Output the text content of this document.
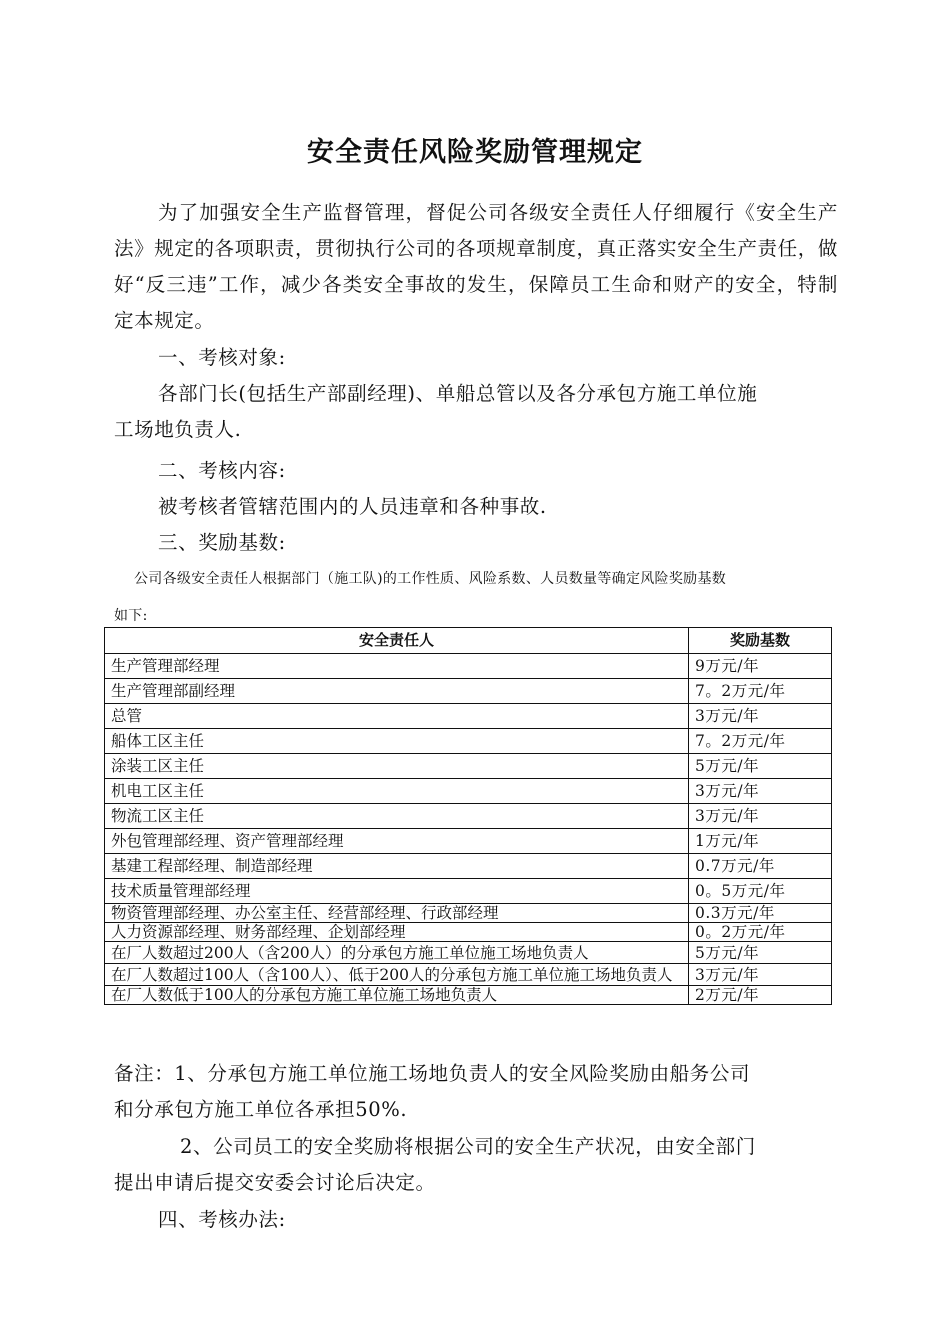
安全责任风险奖励管理规定
为了加强安全生产监督管理，督促公司各级安全责任人仔细履行《安全生产法》规定的各项职责，贯彻执行公司的各项规章制度，真正落实安全生产责任，做好“反三违”工作，减少各类安全事故的发生，保障员工生命和财产的安全，特制定本规定。
一、考核对象:
各部门长(包括生产部副经理)、单船总管以及各分承包方施工单位施
工场地负责人.
二、考核内容:
被考核者管辖范围内的人员违章和各种事故.
三、奖励基数:
公司各级安全责任人根据部门（施工队)的工作性质、风险系数、人员数量等确定风险奖励基数
如下:
安全责任人	奖励基数
生产管理部经理	9万元/年
生产管理部副经理	7。2万元/年
总管	3万元/年
船体工区主任	7。2万元/年
涂装工区主任	5万元/年
机电工区主任	3万元/年
物流工区主任	3万元/年
外包管理部经理、资产管理部经理	1万元/年
基建工程部经理、制造部经理	0.7万元/年
技术质量管理部经理	0。5万元/年
物资管理部经理、办公室主任、经营部经理、行政部经理	0.3万元/年
人力资源部经理、财务部经理、企划部经理	0。2万元/年
在厂人数超过200人（含200人）的分承包方施工单位施工场地负责人	5万元/年
在厂人数超过100人（含100人）、低于200人的分承包方施工单位施工场地负责人	3万元/年
在厂人数低于100人的分承包方施工单位施工场地负责人	2万元/年
备注：1、分承包方施工单位施工场地负责人的安全风险奖励由船务公司
和分承包方施工单位各承担50%.
2、公司员工的安全奖励将根据公司的安全生产状况，由安全部门
提出申请后提交安委会讨论后决定。
四、考核办法:
